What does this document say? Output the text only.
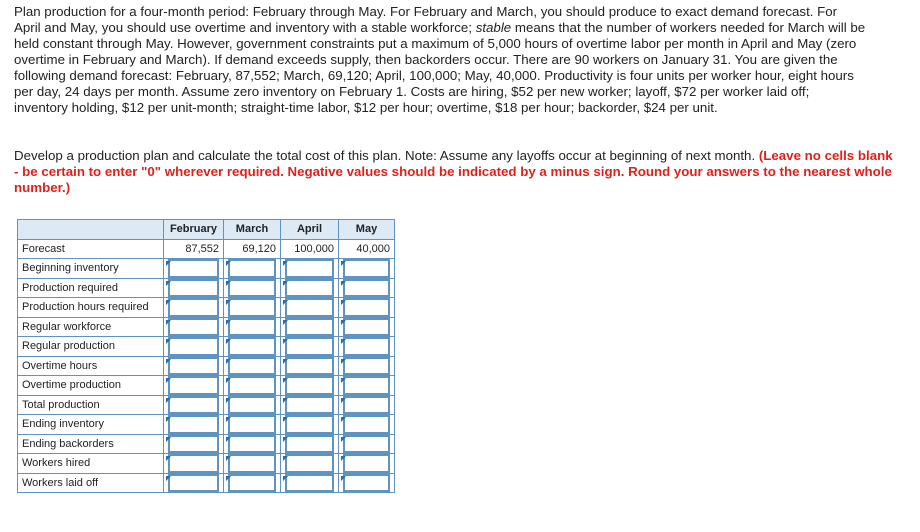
Plan production for a four-month period: February through May. For February and March, you should produce to exact demand forecast. For April and May, you should use overtime and inventory with a stable workforce; stable means that the number of workers needed for March will be held constant through May. However, government constraints put a maximum of 5,000 hours of overtime labor per month in April and May (zero overtime in February and March). If demand exceeds supply, then backorders occur. There are 90 workers on January 31. You are given the following demand forecast: February, 87,552; March, 69,120; April, 100,000; May, 40,000. Productivity is four units per worker hour, eight hours per day, 24 days per month. Assume zero inventory on February 1. Costs are hiring, $52 per new worker; layoff, $72 per worker laid off; inventory holding, $12 per unit-month; straight-time labor, $12 per hour; overtime, $18 per hour; backorder, $24 per unit.

Develop a production plan and calculate the total cost of this plan. Note: Assume any layoffs occur at beginning of next month. (Leave no cells blank - be certain to enter "0" wherever required. Negative values should be indicated by a minus sign. Round your answers to the nearest whole number.)

	February	March	April	May
Forecast	87,552	69,120	100,000	40,000
Beginning inventory	

Production required	

Production hours required	

Regular workforce	

Regular production	

Overtime hours	

Overtime production	

Total production	

Ending inventory	

Ending backorders	

Workers hired	

Workers laid off	
